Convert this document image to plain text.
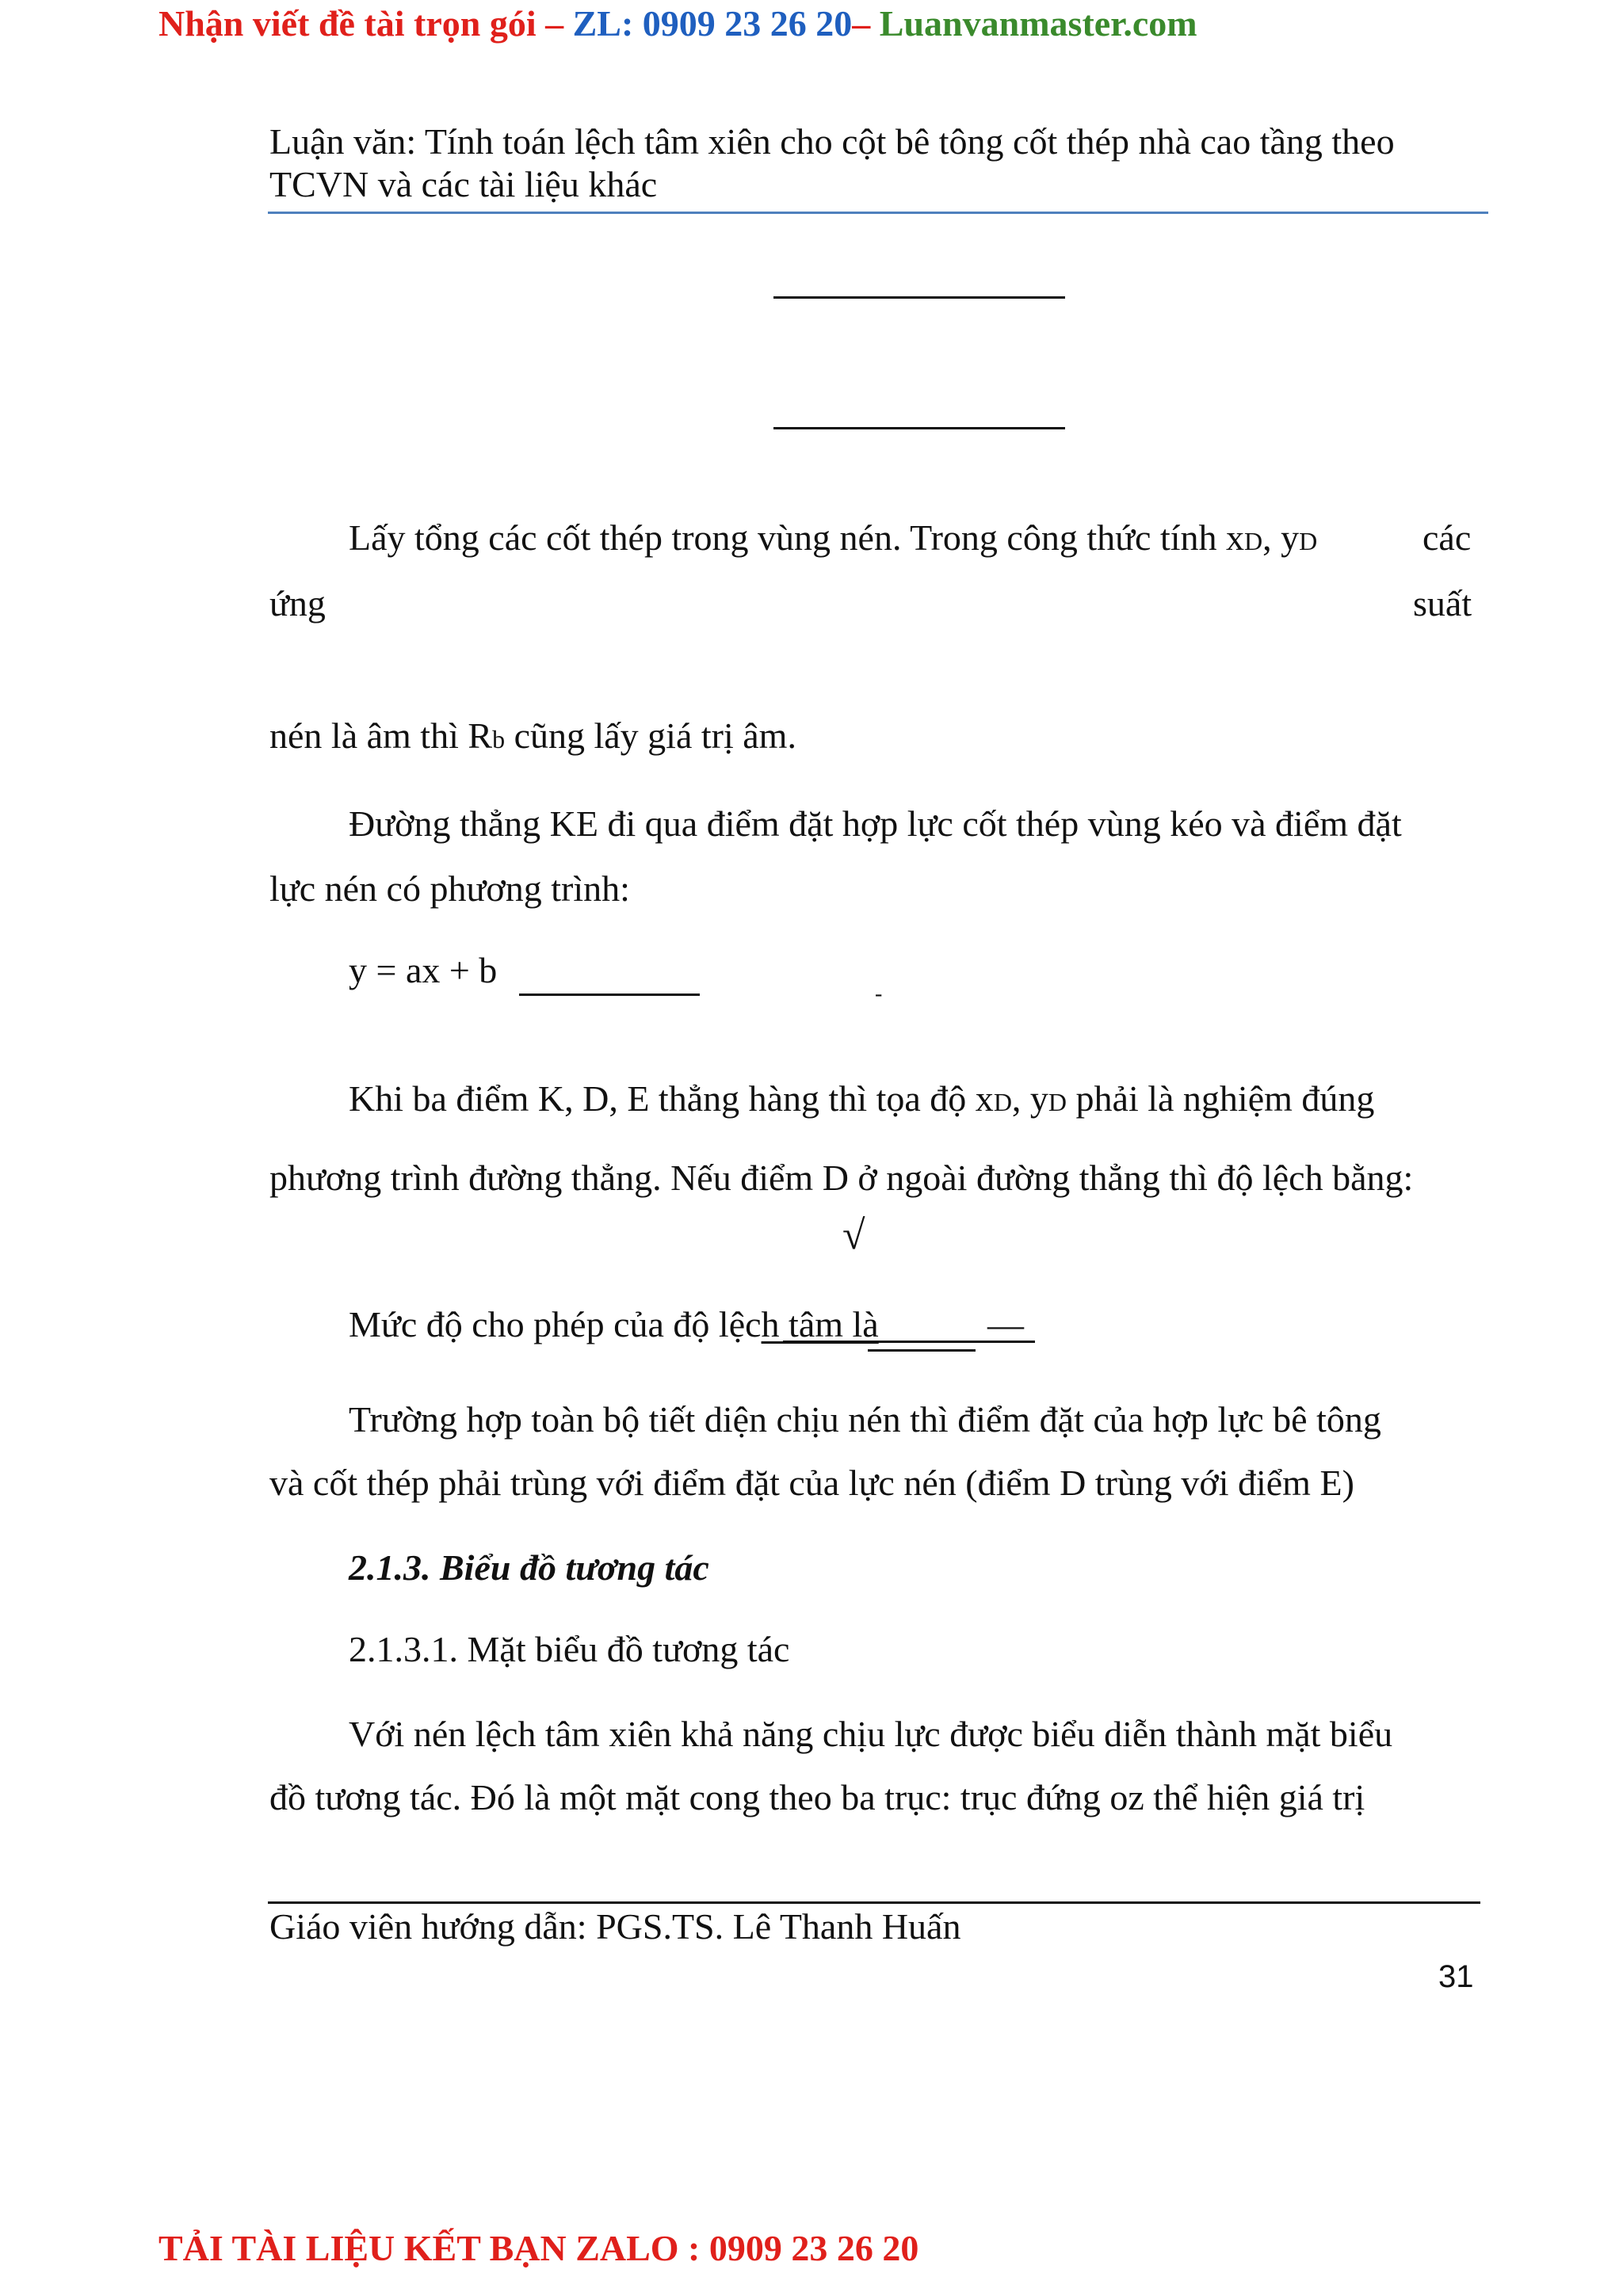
Nhận viết đề tài trọn gói – ZL: 0909 23 26 20– Luanvanmaster.com
Luận văn: Tính toán lệch tâm xiên cho cột bê tông cốt thép nhà cao tầng theo
TCVN và các tài liệu khác
Lấy tổng các cốt thép trong vùng nén. Trong công thức tính xD, yD	các
ứng	suất
nén là âm thì Rb cũng lấy giá trị âm.
Đường thẳng KE đi qua điểm đặt hợp lực cốt thép vùng kéo và điểm đặt
lực nén có phương trình:
y = ax + b
-
Khi ba điểm K, D, E thẳng hàng thì tọa độ xD, yD phải là nghiệm đúng
phương trình đường thẳng. Nếu điểm D ở ngoài đường thẳng thì độ lệch bằng:
√
Mức độ cho phép của độ lệch tâm là	—
Trường hợp toàn bộ tiết diện chịu nén thì điểm đặt của hợp lực bê tông
và cốt thép phải trùng với điểm đặt của lực nén (điểm D trùng với điểm E)
2.1.3. Biểu đồ tương tác
2.1.3.1. Mặt biểu đồ tương tác
Với nén lệch tâm xiên khả năng chịu lực được biểu diễn thành mặt biểu
đồ tương tác. Đó là một mặt cong theo ba trục: trục đứng oz thể hiện giá trị
Giáo viên hướng dẫn: PGS.TS. Lê Thanh Huấn
31
TẢI TÀI LIỆU KẾT BẠN ZALO : 0909 23 26 20
